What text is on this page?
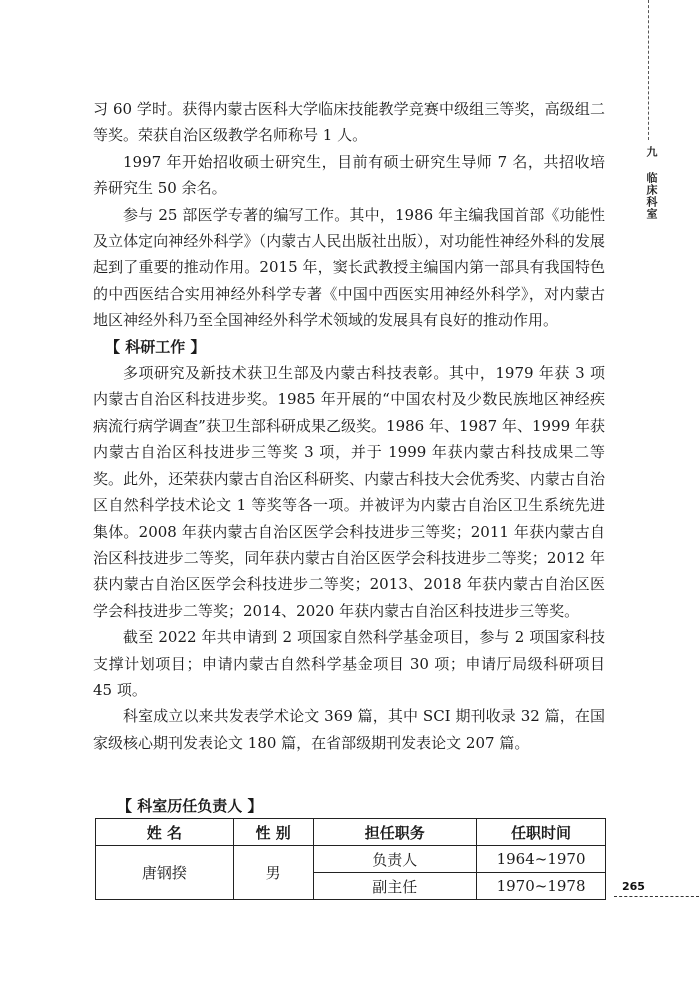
九 临床科室

习 60 学时。获得内蒙古医科大学临床技能教学竞赛中级组三等奖，高级组二等奖。荣获自治区级教学名师称号 1 人。

1997 年开始招收硕士研究生，目前有硕士研究生导师 7 名，共招收培养研究生 50 余名。

参与 25 部医学专著的编写工作。其中，1986 年主编我国首部《功能性及立体定向神经外科学》（内蒙古人民出版社出版），对功能性神经外科的发展起到了重要的推动作用。2015 年，窦长武教授主编国内第一部具有我国特色的中西医结合实用神经外科学专著《中国中西医实用神经外科学》，对内蒙古地区神经外科乃至全国神经外科学术领域的发展具有良好的推动作用。

【 科研工作 】

多项研究及新技术获卫生部及内蒙古科技表彰。其中，1979 年获 3 项内蒙古自治区科技进步奖。1985 年开展的“中国农村及少数民族地区神经疾病流行病学调查”获卫生部科研成果乙级奖。1986 年、1987 年、1999 年获内蒙古自治区科技进步三等奖 3 项，并于 1999 年获内蒙古科技成果二等奖。此外，还荣获内蒙古自治区科研奖、内蒙古科技大会优秀奖、内蒙古自治区自然科学技术论文 1 等奖等各一项。并被评为内蒙古自治区卫生系统先进集体。2008 年获内蒙古自治区医学会科技进步三等奖；2011 年获内蒙古自治区科技进步二等奖，同年获内蒙古自治区医学会科技进步二等奖；2012 年获内蒙古自治区医学会科技进步二等奖；2013、2018 年获内蒙古自治区医学会科技进步二等奖；2014、2020 年获内蒙古自治区科技进步三等奖。

截至 2022 年共申请到 2 项国家自然科学基金项目，参与 2 项国家科技支撑计划项目；申请内蒙古自然科学基金项目 30 项；申请厅局级科研项目 45 项。

科室成立以来共发表学术论文 369 篇，其中 SCI 期刊收录 32 篇，在国家级核心期刊发表论文 180 篇，在省部级期刊发表论文 207 篇。

【 科室历任负责人 】
姓 名	性 别	担任职务	任职时间
唐钢揆	男	负责人	1964~1970
		副主任	1970~1978	265
